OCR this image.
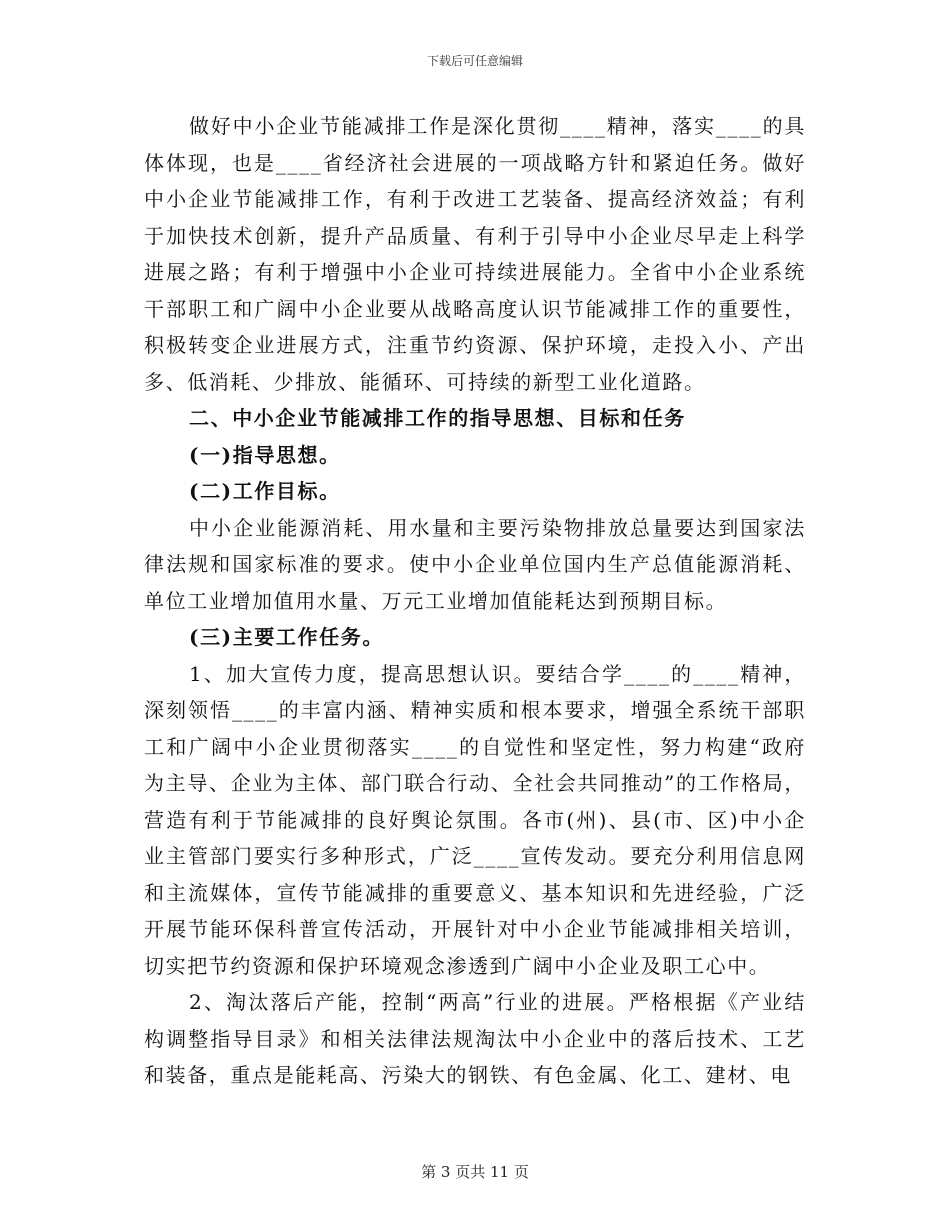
下载后可任意编辑

做好中小企业节能减排工作是深化贯彻____精神，落实____的具体体现，也是____省经济社会进展的一项战略方针和紧迫任务。做好中小企业节能减排工作，有利于改进工艺装备、提高经济效益；有利于加快技术创新，提升产品质量、有利于引导中小企业尽早走上科学进展之路；有利于增强中小企业可持续进展能力。全省中小企业系统干部职工和广阔中小企业要从战略高度认识节能减排工作的重要性，积极转变企业进展方式，注重节约资源、保护环境，走投入小、产出多、低消耗、少排放、能循环、可持续的新型工业化道路。

二、中小企业节能减排工作的指导思想、目标和任务

(一)指导思想。

(二)工作目标。

中小企业能源消耗、用水量和主要污染物排放总量要达到国家法律法规和国家标准的要求。使中小企业单位国内生产总值能源消耗、单位工业增加值用水量、万元工业增加值能耗达到预期目标。

(三)主要工作任务。

1、加大宣传力度，提高思想认识。要结合学____的____精神，深刻领悟____的丰富内涵、精神实质和根本要求，增强全系统干部职工和广阔中小企业贯彻落实____的自觉性和坚定性，努力构建“政府为主导、企业为主体、部门联合行动、全社会共同推动”的工作格局，营造有利于节能减排的良好舆论氛围。各市(州)、县(市、区)中小企业主管部门要实行多种形式，广泛____宣传发动。要充分利用信息网和主流媒体，宣传节能减排的重要意义、基本知识和先进经验，广泛开展节能环保科普宣传活动，开展针对中小企业节能减排相关培训，切实把节约资源和保护环境观念渗透到广阔中小企业及职工心中。

2、淘汰落后产能，控制“两高”行业的进展。严格根据《产业结构调整指导目录》和相关法律法规淘汰中小企业中的落后技术、工艺和装备，重点是能耗高、污染大的钢铁、有色金属、化工、建材、电

第 3 页共 11 页
